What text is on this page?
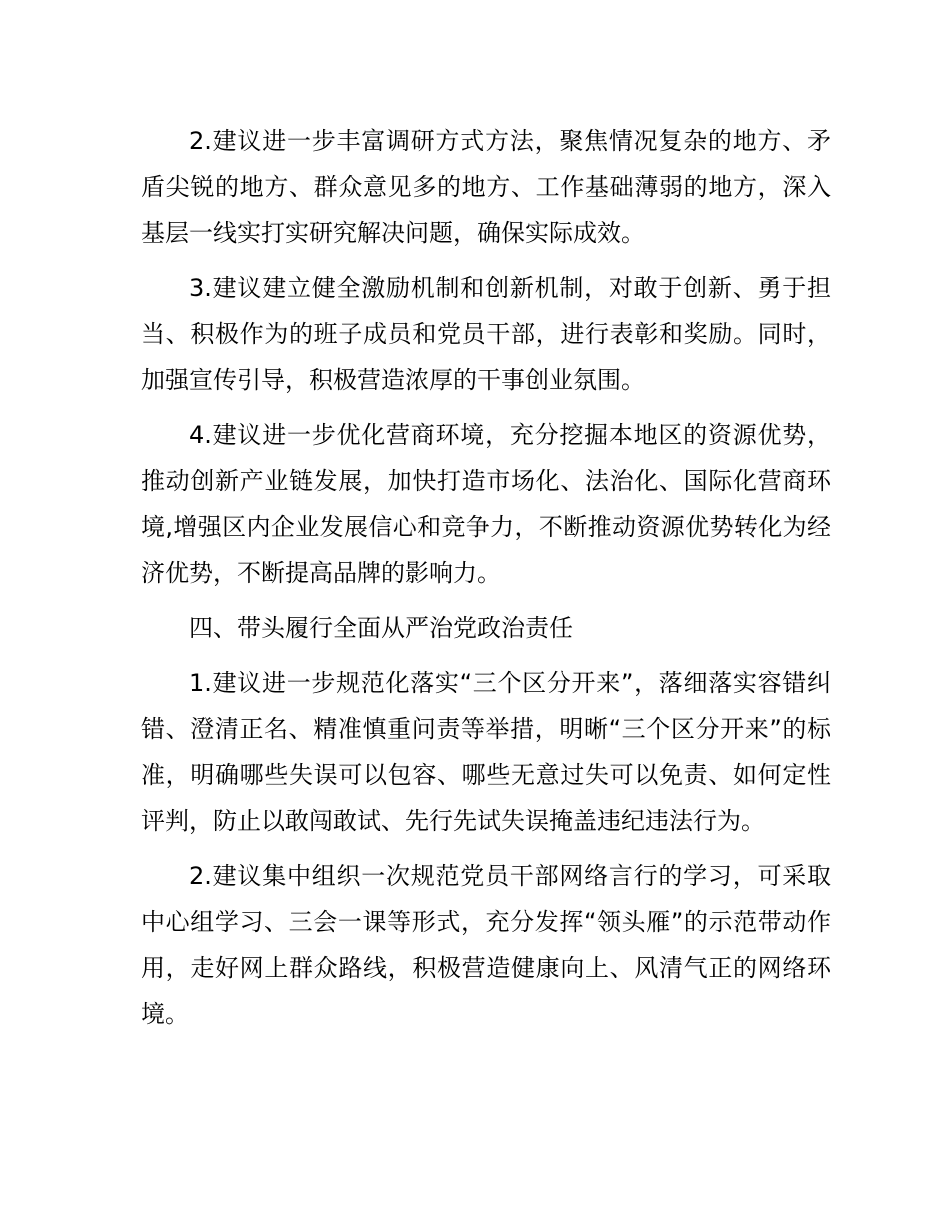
2.建议进一步丰富调研方式方法，聚焦情况复杂的地方、矛盾尖锐的地方、群众意见多的地方、工作基础薄弱的地方，深入基层一线实打实研究解决问题，确保实际成效。

3.建议建立健全激励机制和创新机制，对敢于创新、勇于担当、积极作为的班子成员和党员干部，进行表彰和奖励。同时，加强宣传引导，积极营造浓厚的干事创业氛围。

4.建议进一步优化营商环境，充分挖掘本地区的资源优势，推动创新产业链发展，加快打造市场化、法治化、国际化营商环境,增强区内企业发展信心和竞争力，不断推动资源优势转化为经济优势，不断提高品牌的影响力。

四、带头履行全面从严治党政治责任

1.建议进一步规范化落实“三个区分开来”，落细落实容错纠错、澄清正名、精准慎重问责等举措，明晰“三个区分开来”的标准，明确哪些失误可以包容、哪些无意过失可以免责、如何定性评判，防止以敢闯敢试、先行先试失误掩盖违纪违法行为。

2.建议集中组织一次规范党员干部网络言行的学习，可采取中心组学习、三会一课等形式，充分发挥“领头雁”的示范带动作用，走好网上群众路线，积极营造健康向上、风清气正的网络环境。
